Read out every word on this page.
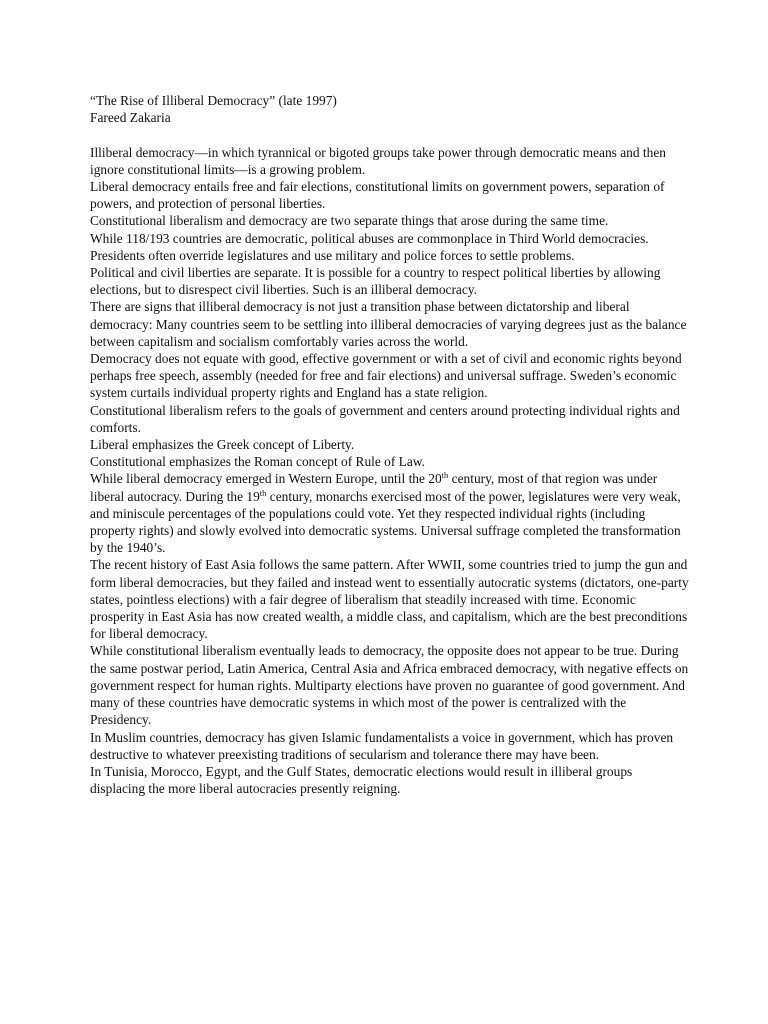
“The Rise of Illiberal Democracy” (late 1997)

Fareed Zakaria

Illiberal democracy—in which tyrannical or bigoted groups take power through democratic means and then ignore constitutional limits—is a growing problem.

Liberal democracy entails free and fair elections, constitutional limits on government powers, separation of powers, and protection of personal liberties.

Constitutional liberalism and democracy are two separate things that arose during the same time.

While 118/193 countries are democratic, political abuses are commonplace in Third World democracies. Presidents often override legislatures and use military and police forces to settle problems.

Political and civil liberties are separate. It is possible for a country to respect political liberties by allowing elections, but to disrespect civil liberties. Such is an illiberal democracy.

There are signs that illiberal democracy is not just a transition phase between dictatorship and liberal democracy: Many countries seem to be settling into illiberal democracies of varying degrees just as the balance between capitalism and socialism comfortably varies across the world.

Democracy does not equate with good, effective government or with a set of civil and economic rights beyond perhaps free speech, assembly (needed for free and fair elections) and universal suffrage. Sweden’s economic system curtails individual property rights and England has a state religion.

Constitutional liberalism refers to the goals of government and centers around protecting individual rights and comforts.

Liberal emphasizes the Greek concept of Liberty.

Constitutional emphasizes the Roman concept of Rule of Law.

While liberal democracy emerged in Western Europe, until the 20th century, most of that region was under liberal autocracy. During the 19th century, monarchs exercised most of the power, legislatures were very weak, and miniscule percentages of the populations could vote. Yet they respected individual rights (including property rights) and slowly evolved into democratic systems. Universal suffrage completed the transformation by the 1940’s.

The recent history of East Asia follows the same pattern. After WWII, some countries tried to jump the gun and form liberal democracies, but they failed and instead went to essentially autocratic systems (dictators, one-party states, pointless elections) with a fair degree of liberalism that steadily increased with time. Economic prosperity in East Asia has now created wealth, a middle class, and capitalism, which are the best preconditions for liberal democracy.

While constitutional liberalism eventually leads to democracy, the opposite does not appear to be true. During the same postwar period, Latin America, Central Asia and Africa embraced democracy, with negative effects on government respect for human rights. Multiparty elections have proven no guarantee of good government. And many of these countries have democratic systems in which most of the power is centralized with the Presidency.

In Muslim countries, democracy has given Islamic fundamentalists a voice in government, which has proven destructive to whatever preexisting traditions of secularism and tolerance there may have been.

In Tunisia, Morocco, Egypt, and the Gulf States, democratic elections would result in illiberal groups displacing the more liberal autocracies presently reigning.
